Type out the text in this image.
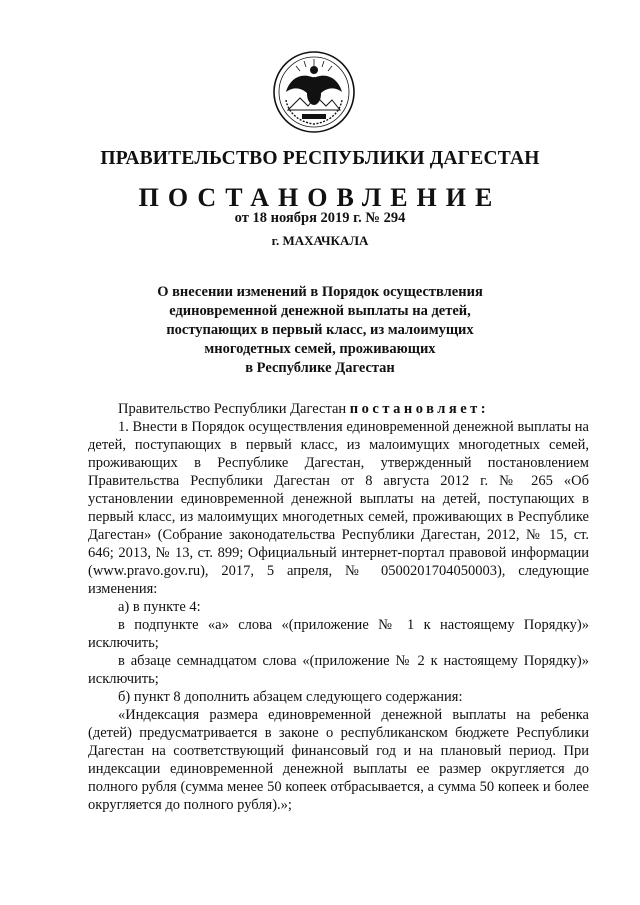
ПРАВИТЕЛЬСТВО РЕСПУБЛИКИ ДАГЕСТАН
ПОСТАНОВЛЕНИЕ
от 18 ноября 2019 г. № 294
г. МАХАЧКАЛА
О внесении изменений в Порядок осуществления
единовременной денежной выплаты на детей,
поступающих в первый класс, из малоимущих
многодетных семей, проживающих
в Республике Дагестан

Правительство Республики Дагестан постановляет:

1. Внести в Порядок осуществления единовременной денежной выплаты на детей, поступающих в первый класс, из малоимущих многодетных семей, проживающих в Республике Дагестан, утвержденный постановлением Правительства Республики Дагестан от 8 августа 2012 г. № 265 «Об установлении единовременной денежной выплаты на детей, поступающих в первый класс, из малоимущих многодетных семей, проживающих в Республике Дагестан» (Собрание законодательства Республики Дагестан, 2012, № 15, ст. 646; 2013, № 13, ст. 899; Официальный интернет-портал правовой информации (www.pravo.gov.ru), 2017, 5 апреля, № 0500201704050003), следующие изменения:

а) в пункте 4:

в подпункте «а» слова «(приложение № 1 к настоящему Порядку)» исключить;

в абзаце семнадцатом слова «(приложение № 2 к настоящему Порядку)» исключить;

б) пункт 8 дополнить абзацем следующего содержания:

«Индексация размера единовременной денежной выплаты на ребенка (детей) предусматривается в законе о республиканском бюджете Республики Дагестан на соответствующий финансовый год и на плановый период. При индексации единовременной денежной выплаты ее размер округляется до полного рубля (сумма менее 50 копеек отбрасывается, а сумма 50 копеек и более округляется до полного рубля).»;
